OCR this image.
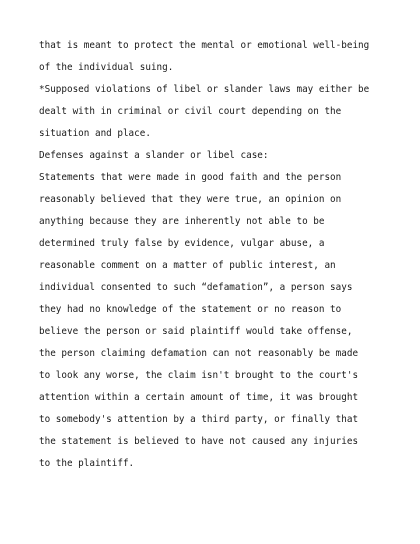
that is meant to protect the mental or emotional well-being
of the individual suing.
*Supposed violations of libel or slander laws may either be
dealt with in criminal or civil court depending on the
situation and place.
Defenses against a slander or libel case:
Statements that were made in good faith and the person
reasonably believed that they were true, an opinion on
anything because they are inherently not able to be
determined truly false by evidence, vulgar abuse, a
reasonable comment on a matter of public interest, an
individual consented to such “defamation”, a person says
they had no knowledge of the statement or no reason to
believe the person or said plaintiff would take offense,
the person claiming defamation can not reasonably be made
to look any worse, the claim isn't brought to the court's
attention within a certain amount of time, it was brought
to somebody's attention by a third party, or finally that
the statement is believed to have not caused any injuries
to the plaintiff.
